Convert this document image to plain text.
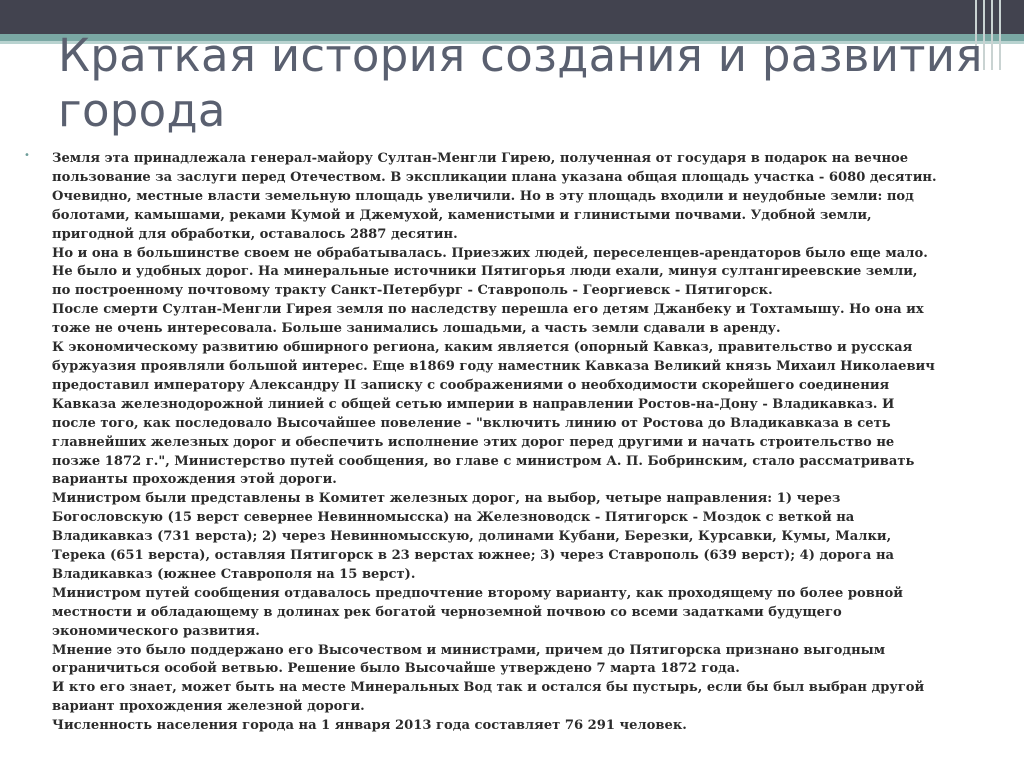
Краткая история создания и развития
города
• Земля эта принадлежала генерал-майору Султан-Менгли Гирею, полученная от государя в подарок на вечное
пользование за заслуги перед Отечеством. В экспликации плана указана общая площадь участка - 6080 десятин.
Очевидно, местные власти земельную площадь увеличили. Но в эту площадь входили и неудобные земли: под
болотами, камышами, реками Кумой и Джемухой, каменистыми и глинистыми почвами. Удобной земли,
пригодной для обработки, оставалось 2887 десятин.
Но и она в большинстве своем не обрабатывалась. Приезжих людей, переселенцев-арендаторов было еще мало.
Не было и удобных дорог. На минеральные источники Пятигорья люди ехали, минуя султангиреевские земли,
по построенному почтовому тракту Санкт-Петербург - Ставрополь - Георгиевск - Пятигорск.
После смерти Султан-Менгли Гирея земля по наследству перешла его детям Джанбеку и Тохтамышу. Но она их
тоже не очень интересовала. Больше занимались лошадьми, а часть земли сдавали в аренду.
К экономическому развитию обширного региона, каким является (опорный Кавказ, правительство и русская
буржуазия проявляли большой интерес. Еще в1869 году наместник Кавказа Великий князь Михаил Николаевич
предоставил императору Александру II записку с соображениями о необходимости скорейшего соединения
Кавказа железнодорожной линией с общей сетью империи в направлении Ростов-на-Дону - Владикавказ. И
после того, как последовало Высочайшее повеление - "включить линию от Ростова до Владикавказа в сеть
главнейших железных дорог и обеспечить исполнение этих дорог перед другими и начать строительство не
позже 1872 г.", Министерство путей сообщения, во главе с министром А. П. Бобринским, стало рассматривать
варианты прохождения этой дороги.
Министром были представлены в Комитет железных дорог, на выбор, четыре направления: 1) через
Богословскую (15 верст севернее Невинномысска) на Железноводск - Пятигорск - Моздок с веткой на
Владикавказ (731 верста); 2) через Невинномысскую, долинами Кубани, Березки, Курсавки, Кумы, Малки,
Терека (651 верста), оставляя Пятигорск в 23 верстах южнее; 3) через Ставрополь (639 верст); 4) дорога на
Владикавказ (южнее Ставрополя на 15 верст).
Министром путей сообщения отдавалось предпочтение второму варианту, как проходящему по более ровной
местности и обладающему в долинах рек богатой черноземной почвою со всеми задатками будущего
экономического развития.
Мнение это было поддержано его Высочеством и министрами, причем до Пятигорска признано выгодным
ограничиться особой ветвью. Решение было Высочайше утверждено 7 марта 1872 года.
И кто его знает, может быть на месте Минеральных Вод так и остался бы пустырь, если бы был выбран другой
вариант прохождения железной дороги.
Численность населения города на 1 января 2013 года составляет 76 291 человек.
